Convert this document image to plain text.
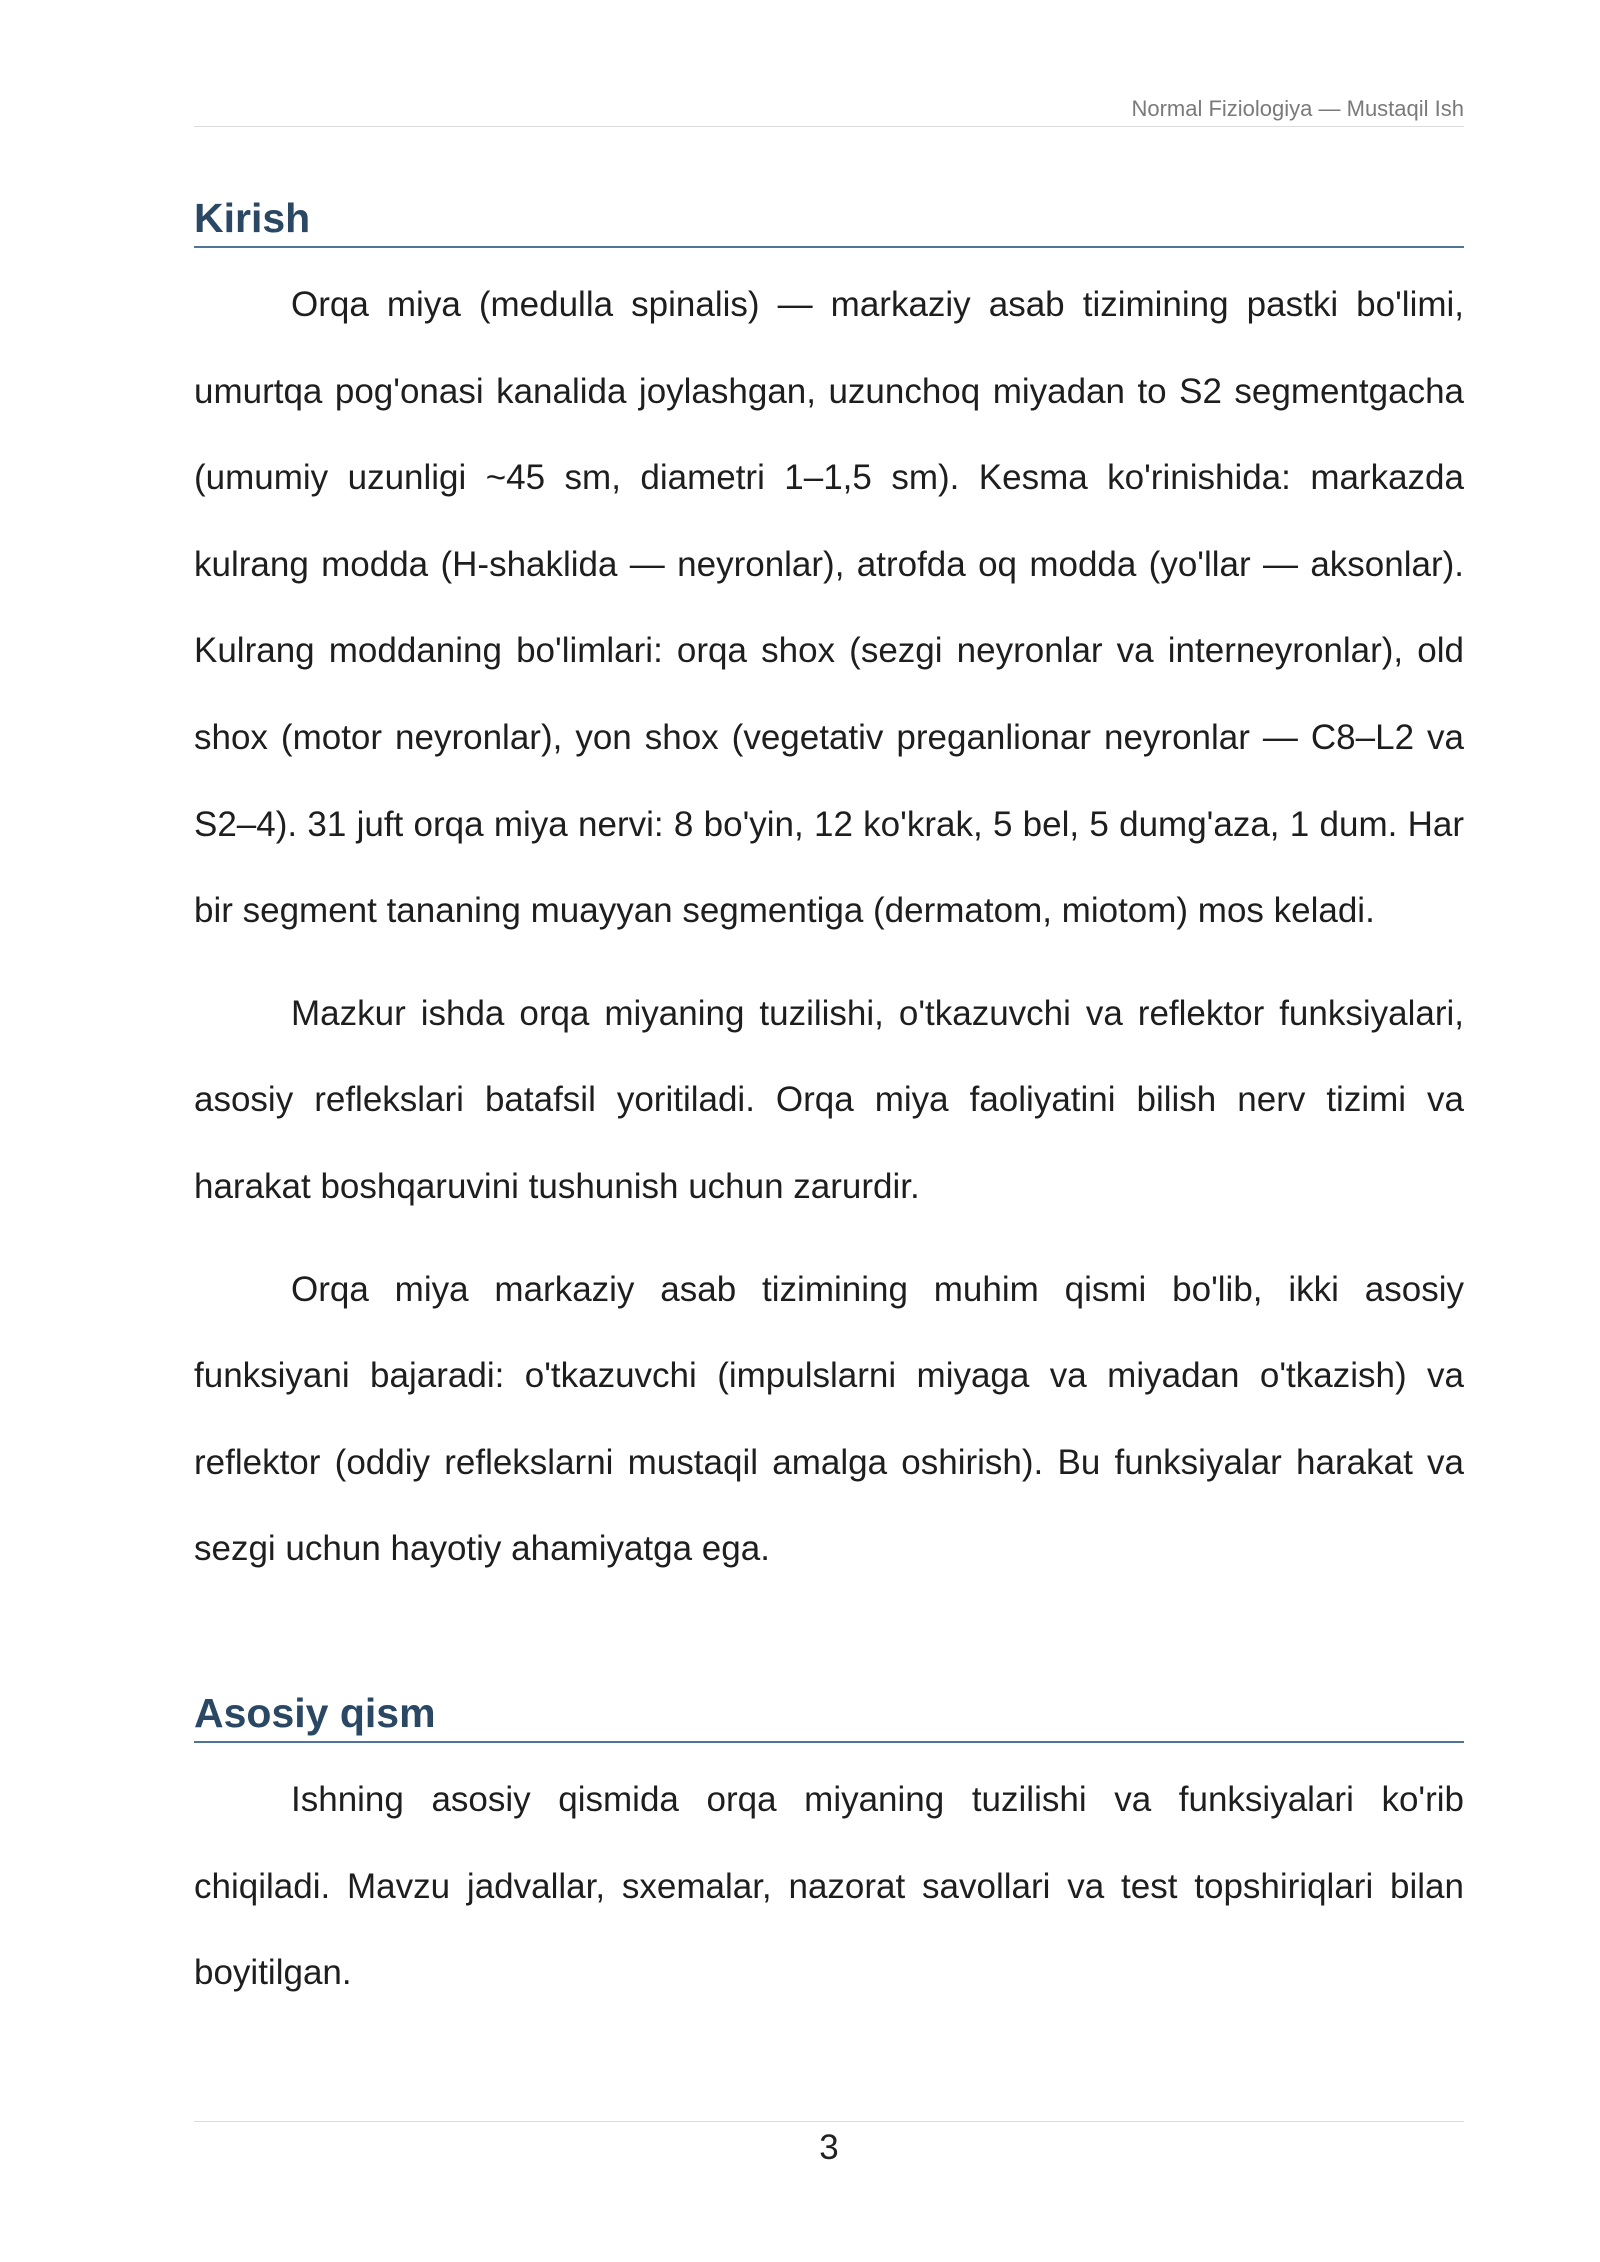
Normal Fiziologiya — Mustaqil Ish
Kirish

Orqa miya (medulla spinalis) — markaziy asab tizimining pastki bo'limi, umurtqa pog'onasi kanalida joylashgan, uzunchoq miyadan to S2 segmentgacha (umumiy uzunligi ~45 sm, diametri 1–1,5 sm). Kesma ko'rinishida: markazda kulrang modda (H-shaklida — neyronlar), atrofda oq modda (yo'llar — aksonlar). Kulrang moddaning bo'limlari: orqa shox (sezgi neyronlar va interneyronlar), old shox (motor neyronlar), yon shox (vegetativ preganlionar neyronlar — C8–L2 va S2–4). 31 juft orqa miya nervi: 8 bo'yin, 12 ko'krak, 5 bel, 5 dumg'aza, 1 dum. Har bir segment tananing muayyan segmentiga (dermatom, miotom) mos keladi.

Mazkur ishda orqa miyaning tuzilishi, o'tkazuvchi va reflektor funksiyalari, asosiy reflekslari batafsil yoritiladi. Orqa miya faoliyatini bilish nerv tizimi va harakat boshqaruvini tushunish uchun zarurdir.

Orqa miya markaziy asab tizimining muhim qismi bo'lib, ikki asosiy funksiyani bajaradi: o'tkazuvchi (impulslarni miyaga va miyadan o'tkazish) va reflektor (oddiy reflekslarni mustaqil amalga oshirish). Bu funksiyalar harakat va sezgi uchun hayotiy ahamiyatga ega.

Asosiy qism

Ishning asosiy qismida orqa miyaning tuzilishi va funksiyalari ko'rib chiqiladi. Mavzu jadvallar, sxemalar, nazorat savollari va test topshiriqlari bilan boyitilgan.

3
